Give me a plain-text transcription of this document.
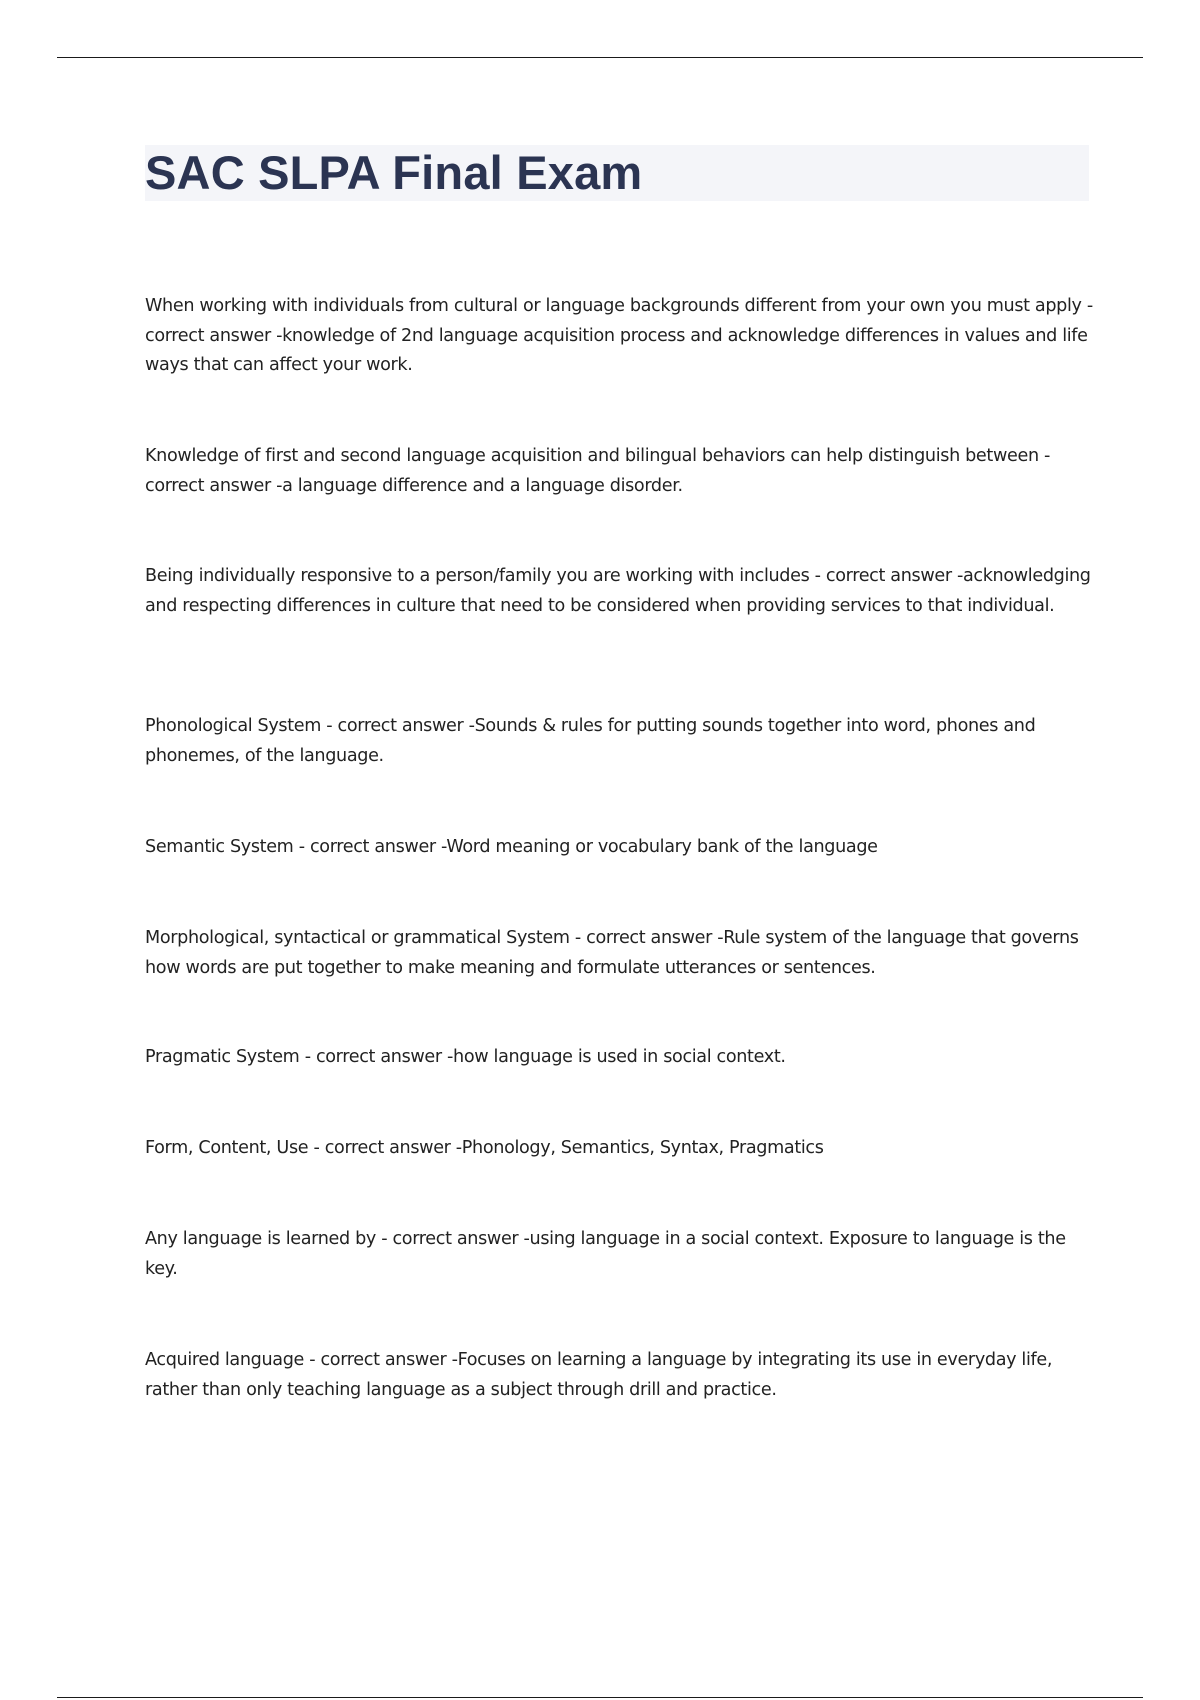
SAC SLPA Final Exam
When working with individuals from cultural or language backgrounds different from your own you must apply - correct answer -knowledge of 2nd language acquisition process and acknowledge differences in values and life ways that can affect your work.
Knowledge of first and second language acquisition and bilingual behaviors can help distinguish between - correct answer -a language difference and a language disorder.
Being individually responsive to a person/family you are working with includes - correct answer -acknowledging and respecting differences in culture that need to be considered when providing services to that individual.
Phonological System - correct answer -Sounds & rules for putting sounds together into word, phones and phonemes, of the language.
Semantic System - correct answer -Word meaning or vocabulary bank of the language
Morphological, syntactical or grammatical System - correct answer -Rule system of the language that governs how words are put together to make meaning and formulate utterances or sentences.
Pragmatic System - correct answer -how language is used in social context.
Form, Content, Use - correct answer -Phonology, Semantics, Syntax, Pragmatics
Any language is learned by - correct answer -using language in a social context. Exposure to language is the key.
Acquired language - correct answer -Focuses on learning a language by integrating its use in everyday life, rather than only teaching language as a subject through drill and practice.
